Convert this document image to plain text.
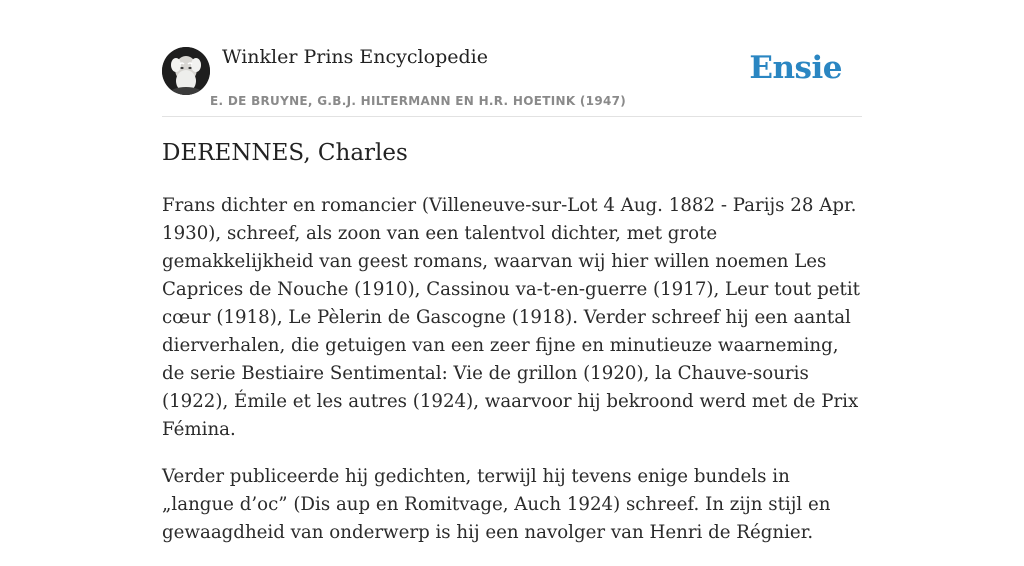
Winkler Prins Encyclopedie
E. DE BRUYNE, G.B.J. HILTERMANN EN H.R. HOETINK (1947)
Ensie
DERENNES, Charles

Frans dichter en romancier (Villeneuve-sur-Lot 4 Aug. 1882 - Parijs 28 Apr. 1930), schreef, als zoon van een talentvol dichter, met grote gemakkelijkheid van geest romans, waarvan wij hier willen noemen Les Caprices de Nouche (1910), Cassinou va-t-en-guerre (1917), Leur tout petit cœur (1918), Le Pèlerin de Gascogne (1918). Verder schreef hij een aantal dierverhalen, die getuigen van een zeer fijne en minutieuze waarneming, de serie Bestiaire Sentimental: Vie de grillon (1920), la Chauve-souris (1922), Émile et les autres (1924), waarvoor hij bekroond werd met de Prix Fémina.

Verder publiceerde hij gedichten, terwijl hij tevens enige bundels in „langue d’oc” (Dis aup en Romitvage, Auch 1924) schreef. In zijn stijl en gewaagdheid van onderwerp is hij een navolger van Henri de Régnier.
